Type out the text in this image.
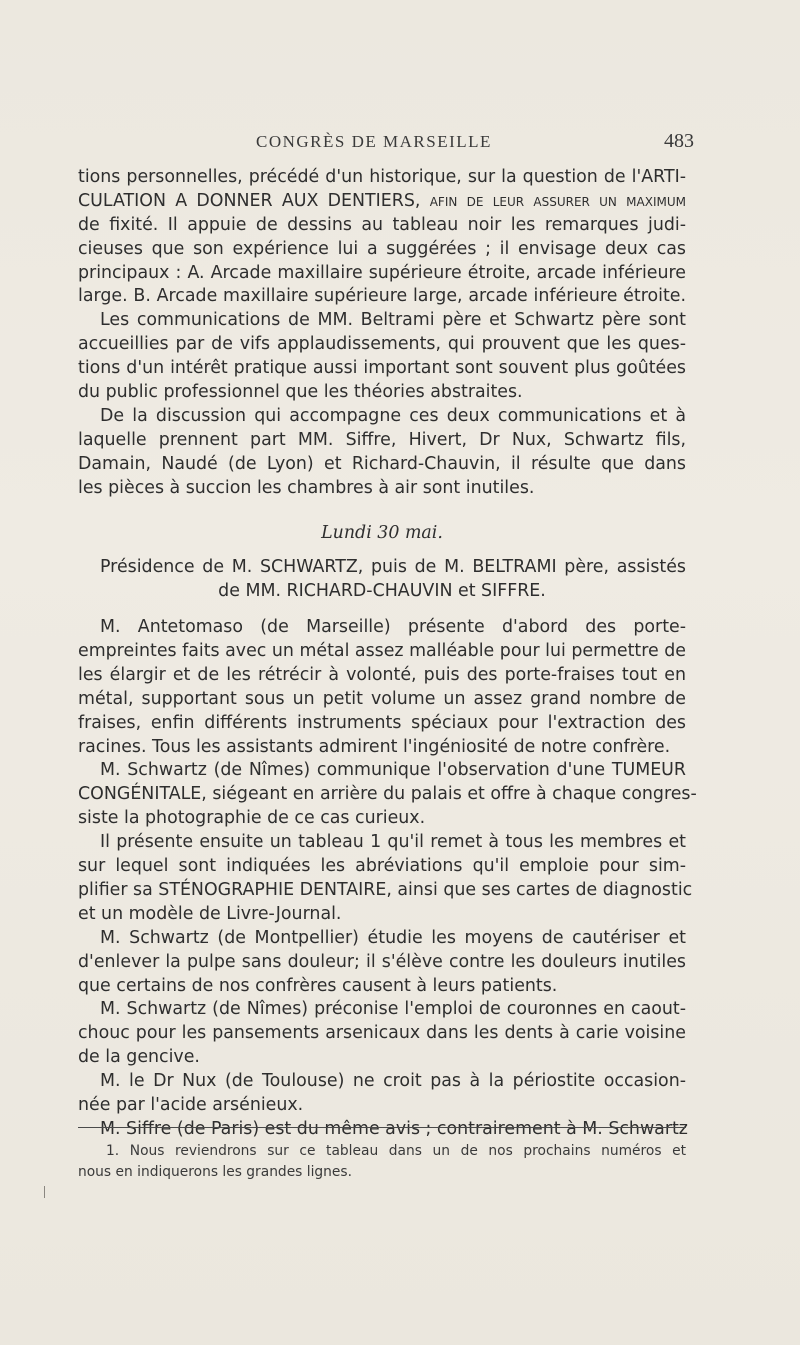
CONGRÈS DE MARSEILLE	483
tions personnelles, précédé d'un historique, sur la question de l'ARTI-
CULATION A DONNER AUX DENTIERS, afin de leur assurer un maximum
de fixité. Il appuie de dessins au tableau noir les remarques judi-
cieuses que son expérience lui a suggérées ; il envisage deux cas
principaux : A. Arcade maxillaire supérieure étroite, arcade inférieure
large. B. Arcade maxillaire supérieure large, arcade inférieure étroite.
Les communications de MM. Beltrami père et Schwartz père sont
accueillies par de vifs applaudissements, qui prouvent que les ques-
tions d'un intérêt pratique aussi important sont souvent plus goûtées
du public professionnel que les théories abstraites.
De la discussion qui accompagne ces deux communications et à
laquelle prennent part MM. Siffre, Hivert, Dr Nux, Schwartz fils,
Damain, Naudé (de Lyon) et Richard-Chauvin, il résulte que dans
les pièces à succion les chambres à air sont inutiles.
Lundi 30 mai.
Présidence de M. SCHWARTZ, puis de M. BELTRAMI père, assistés
de MM. RICHARD-CHAUVIN et SIFFRE.
M. Antetomaso (de Marseille) présente d'abord des porte-
empreintes faits avec un métal assez malléable pour lui permettre de
les élargir et de les rétrécir à volonté, puis des porte-fraises tout en
métal, supportant sous un petit volume un assez grand nombre de
fraises, enfin différents instruments spéciaux pour l'extraction des
racines. Tous les assistants admirent l'ingéniosité de notre confrère.
M. Schwartz (de Nîmes) communique l'observation d'une TUMEUR
CONGÉNITALE, siégeant en arrière du palais et offre à chaque congres-
siste la photographie de ce cas curieux.
Il présente ensuite un tableau 1 qu'il remet à tous les membres et
sur lequel sont indiquées les abréviations qu'il emploie pour sim-
plifier sa STÉNOGRAPHIE DENTAIRE, ainsi que ses cartes de diagnostic
et un modèle de Livre-Journal.
M. Schwartz (de Montpellier) étudie les moyens de cautériser et
d'enlever la pulpe sans douleur; il s'élève contre les douleurs inutiles
que certains de nos confrères causent à leurs patients.
M. Schwartz (de Nîmes) préconise l'emploi de couronnes en caout-
chouc pour les pansements arsenicaux dans les dents à carie voisine
de la gencive.
M. le Dr Nux (de Toulouse) ne croit pas à la périostite occasion-
née par l'acide arsénieux.
M. Siffre (de Paris) est du même avis ; contrairement à M. Schwartz
1. Nous reviendrons sur ce tableau dans un de nos prochains numéros et
nous en indiquerons les grandes lignes.
